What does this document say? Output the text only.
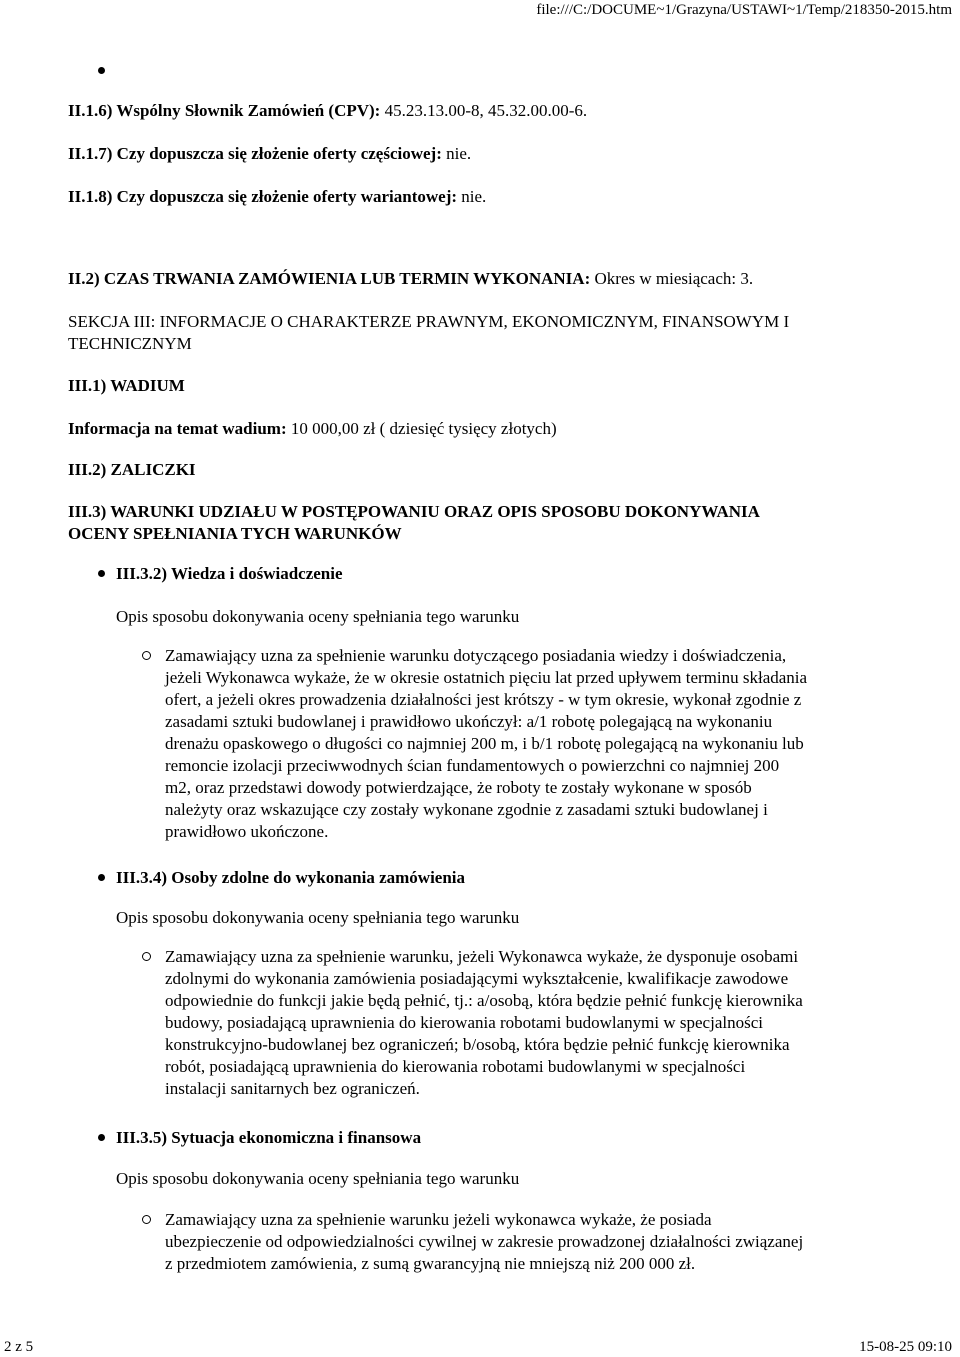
file:///C:/DOCUME~1/Grazyna/USTAWI~1/Temp/218350-2015.htm
II.1.6) Wspólny Słownik Zamówień (CPV): 45.23.13.00-8, 45.32.00.00-6.
II.1.7) Czy dopuszcza się złożenie oferty częściowej: nie.
II.1.8) Czy dopuszcza się złożenie oferty wariantowej: nie.
II.2) CZAS TRWANIA ZAMÓWIENIA LUB TERMIN WYKONANIA: Okres w miesiącach: 3.
SEKCJA III: INFORMACJE O CHARAKTERZE PRAWNYM, EKONOMICZNYM, FINANSOWYM I
TECHNICZNYM
III.1) WADIUM
Informacja na temat wadium: 10 000,00 zł ( dziesięć tysięcy złotych)
III.2) ZALICZKI
III.3) WARUNKI UDZIAŁU W POSTĘPOWANIU ORAZ OPIS SPOSOBU DOKONYWANIA
OCENY SPEŁNIANIA TYCH WARUNKÓW
III.3.2) Wiedza i doświadczenie
Opis sposobu dokonywania oceny spełniania tego warunku
Zamawiający uzna za spełnienie warunku dotyczącego posiadania wiedzy i doświadczenia,
jeżeli Wykonawca wykaże, że w okresie ostatnich pięciu lat przed upływem terminu składania
ofert, a jeżeli okres prowadzenia działalności jest krótszy - w tym okresie, wykonał zgodnie z
zasadami sztuki budowlanej i prawidłowo ukończył: a/1 robotę polegającą na wykonaniu
drenażu opaskowego o długości co najmniej 200 m, i b/1 robotę polegającą na wykonaniu lub
remoncie izolacji przeciwwodnych ścian fundamentowych o powierzchni co najmniej 200
m2, oraz przedstawi dowody potwierdzające, że roboty te zostały wykonane w sposób
należyty oraz wskazujące czy zostały wykonane zgodnie z zasadami sztuki budowlanej i
prawidłowo ukończone.
III.3.4) Osoby zdolne do wykonania zamówienia
Opis sposobu dokonywania oceny spełniania tego warunku
Zamawiający uzna za spełnienie warunku, jeżeli Wykonawca wykaże, że dysponuje osobami
zdolnymi do wykonania zamówienia posiadającymi wykształcenie, kwalifikacje zawodowe
odpowiednie do funkcji jakie będą pełnić, tj.: a/osobą, która będzie pełnić funkcję kierownika
budowy, posiadającą uprawnienia do kierowania robotami budowlanymi w specjalności
konstrukcyjno-budowlanej bez ograniczeń; b/osobą, która będzie pełnić funkcję kierownika
robót, posiadającą uprawnienia do kierowania robotami budowlanymi w specjalności
instalacji sanitarnych bez ograniczeń.
III.3.5) Sytuacja ekonomiczna i finansowa
Opis sposobu dokonywania oceny spełniania tego warunku
Zamawiający uzna za spełnienie warunku jeżeli wykonawca wykaże, że posiada
ubezpieczenie od odpowiedzialności cywilnej w zakresie prowadzonej działalności związanej
z przedmiotem zamówienia, z sumą gwarancyjną nie mniejszą niż 200 000 zł.
2 z 5	15-08-25 09:10
